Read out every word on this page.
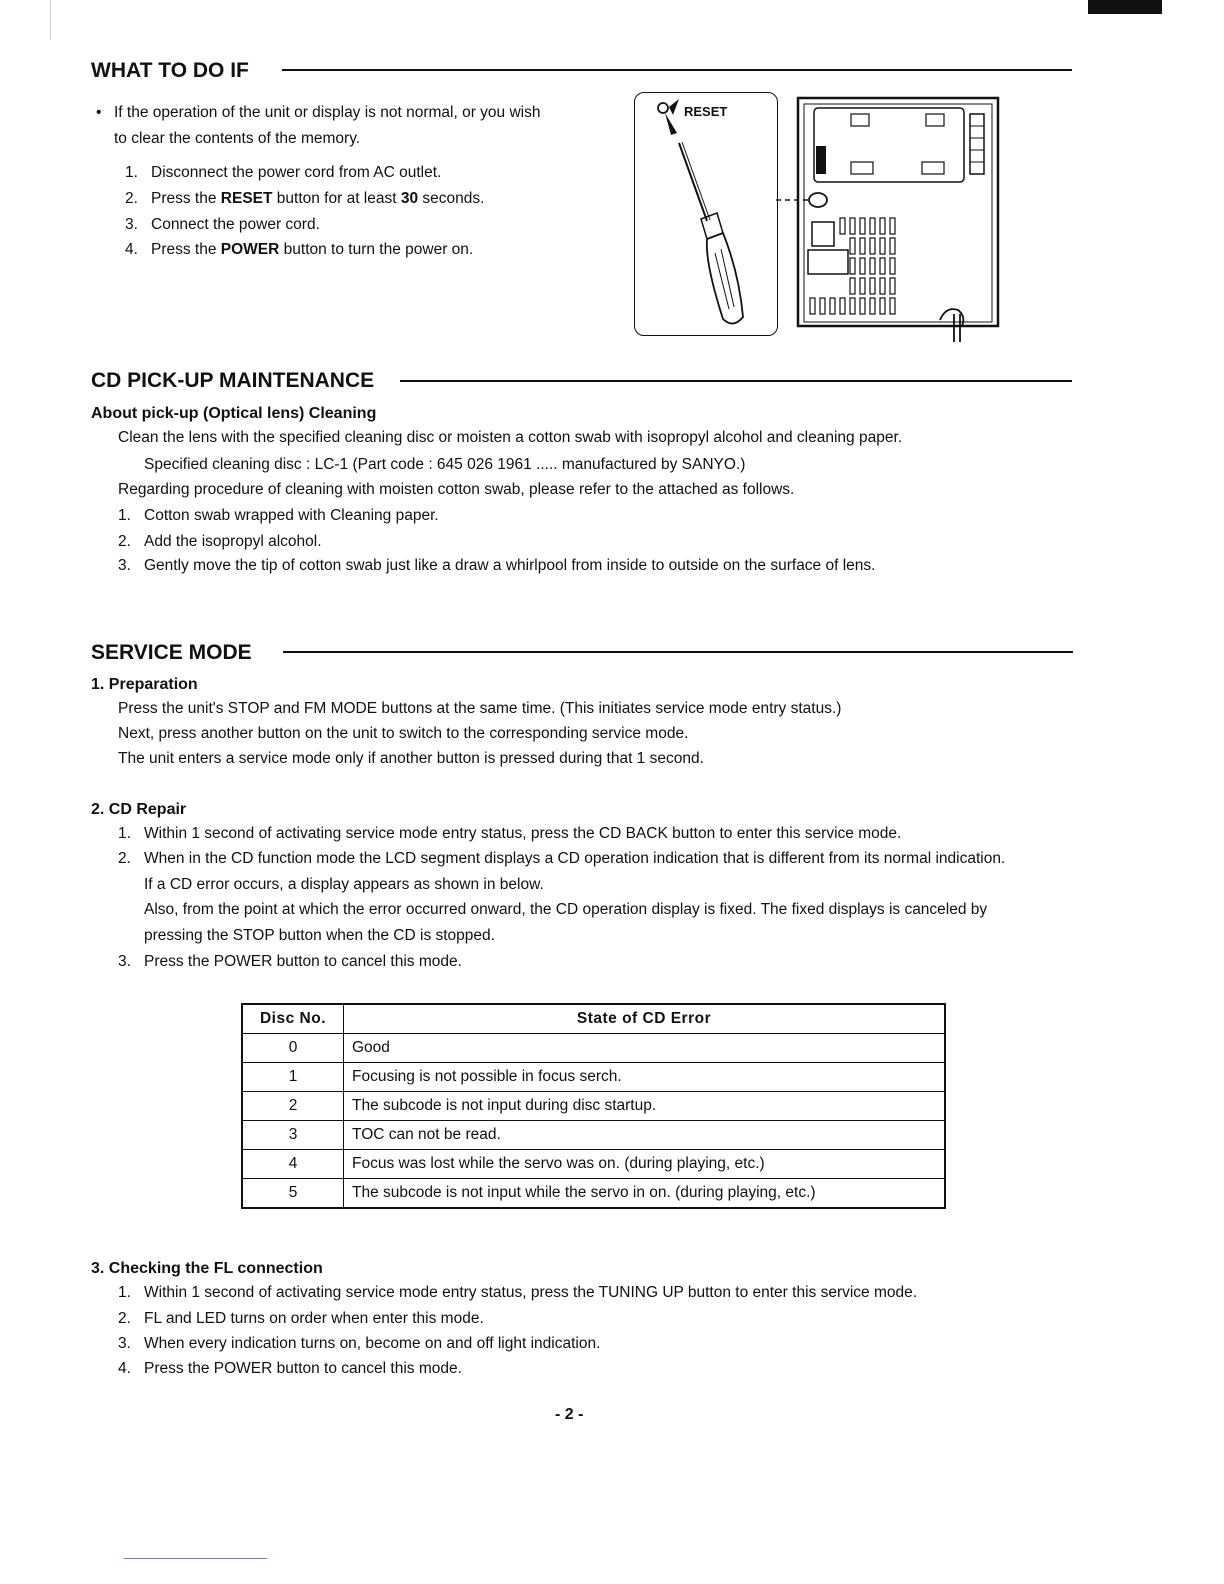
WHAT TO DO IF
• If the operation of the unit or display is not normal, or you wish
to clear the contents of the memory.
1. Disconnect the power cord from AC outlet.
2. Press the RESET button for at least 30 seconds.
3. Connect the power cord.
4. Press the POWER button to turn the power on.
RESET
CD PICK-UP MAINTENANCE
About pick-up (Optical lens) Cleaning
Clean the lens with the specified cleaning disc or moisten a cotton swab with isopropyl alcohol and cleaning paper.
Specified cleaning disc : LC-1 (Part code : 645 026 1961 ..... manufactured by SANYO.)
Regarding procedure of cleaning with moisten cotton swab, please refer to the attached as follows.
1. Cotton swab wrapped with Cleaning paper.
2. Add the isopropyl alcohol.
3. Gently move the tip of cotton swab just like a draw a whirlpool from inside to outside on the surface of lens.
SERVICE MODE
1. Preparation
Press the unit's STOP and FM MODE buttons at the same time. (This initiates service mode entry status.)
Next, press another button on the unit to switch to the corresponding service mode.
The unit enters a service mode only if another button is pressed during that 1 second.
2. CD Repair
1. Within 1 second of activating service mode entry status, press the CD BACK button to enter this service mode.
2. When in the CD function mode the LCD segment displays a CD operation indication that is different from its normal indication.
If a CD error occurs, a display appears as shown in below.
Also, from the point at which the error occurred onward, the CD operation display is fixed. The fixed displays is canceled by
pressing the STOP button when the CD is stopped.
3. Press the POWER button to cancel this mode.
Disc No.	State of CD Error
0	Good
1	Focusing is not possible in focus serch.
2	The subcode is not input during disc startup.
3	TOC can not be read.
4	Focus was lost while the servo was on. (during playing, etc.)
5	The subcode is not input while the servo in on. (during playing, etc.)
3. Checking the FL connection
1. Within 1 second of activating service mode entry status, press the TUNING UP button to enter this service mode.
2. FL and LED turns on order when enter this mode.
3. When every indication turns on, become on and off light indication.
4. Press the POWER button to cancel this mode.
- 2 -
